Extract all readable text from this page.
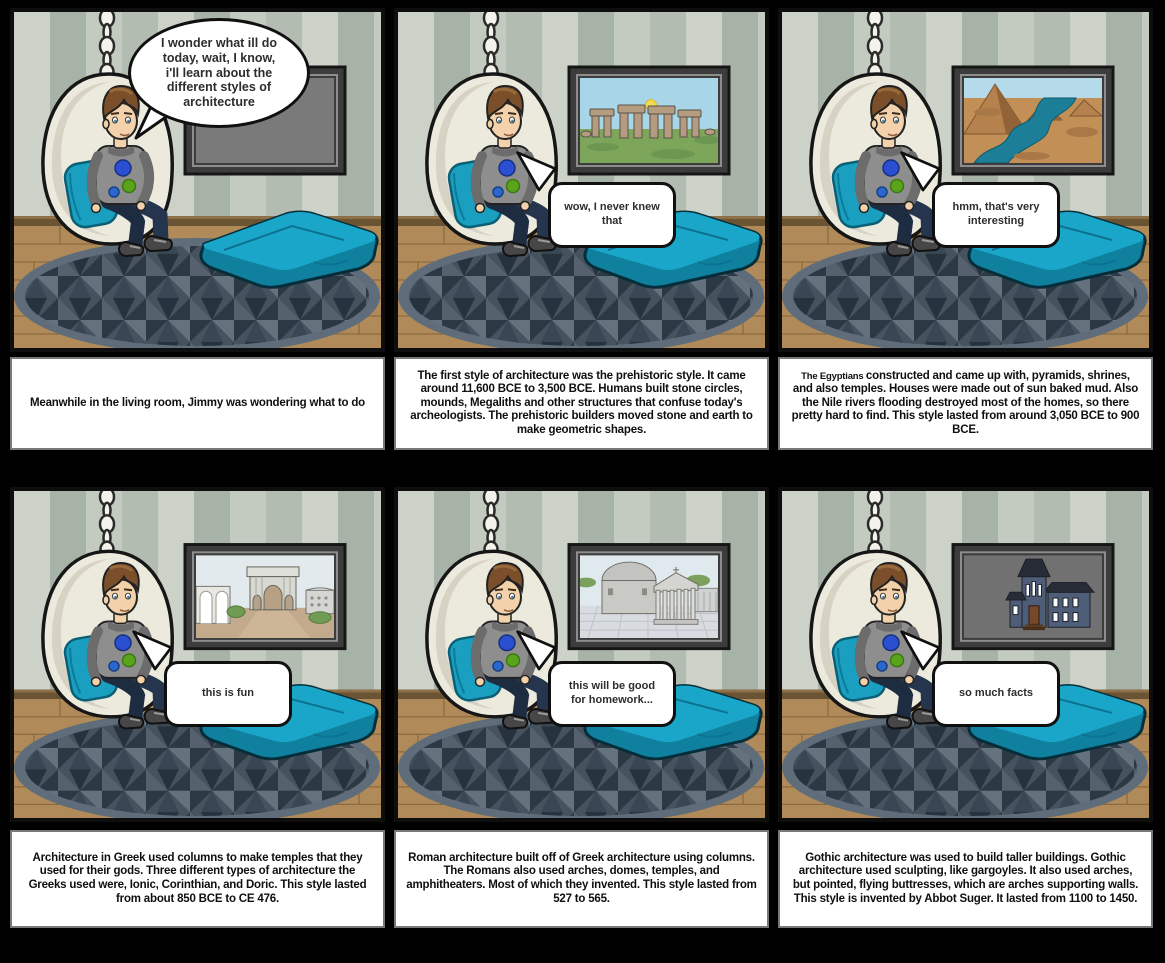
I wonder what ill do today, wait, I know, i'll learn about the different styles of architecture

Meanwhile in the living room, Jimmy was wondering what to do

wow, I never knew that

The first style of architecture was the prehistoric style. It came around 11,600 BCE to 3,500 BCE. Humans built stone circles, mounds, Megaliths and other structures that confuse today's archeologists. The prehistoric builders moved stone and earth to make geometric shapes.

hmm, that's very interesting

The Egyptians constructed and came up with, pyramids, shrines, and also temples. Houses were made out of sun baked mud. Also the Nile rivers flooding destroyed most of the homes, so there pretty hard to find. This style lasted from around 3,050 BCE to 900 BCE.

this is fun

Architecture in Greek used columns to make temples that they used for their gods. Three different types of architecture the Greeks used were, Ionic, Corinthian, and Doric. This style lasted from about 850 BCE to CE 476.

this will be good for homework...

Roman architecture built off of Greek architecture using columns. The Romans also used arches, domes, temples, and amphitheaters. Most of which they invented. This style lasted from 527 to 565.

so much facts

Gothic architecture was used to build taller buildings. Gothic architecture used sculpting, like gargoyles. It also used arches, but pointed, flying buttresses, which are arches supporting walls. This style is invented by Abbot Suger. It lasted from 1100 to 1450.
